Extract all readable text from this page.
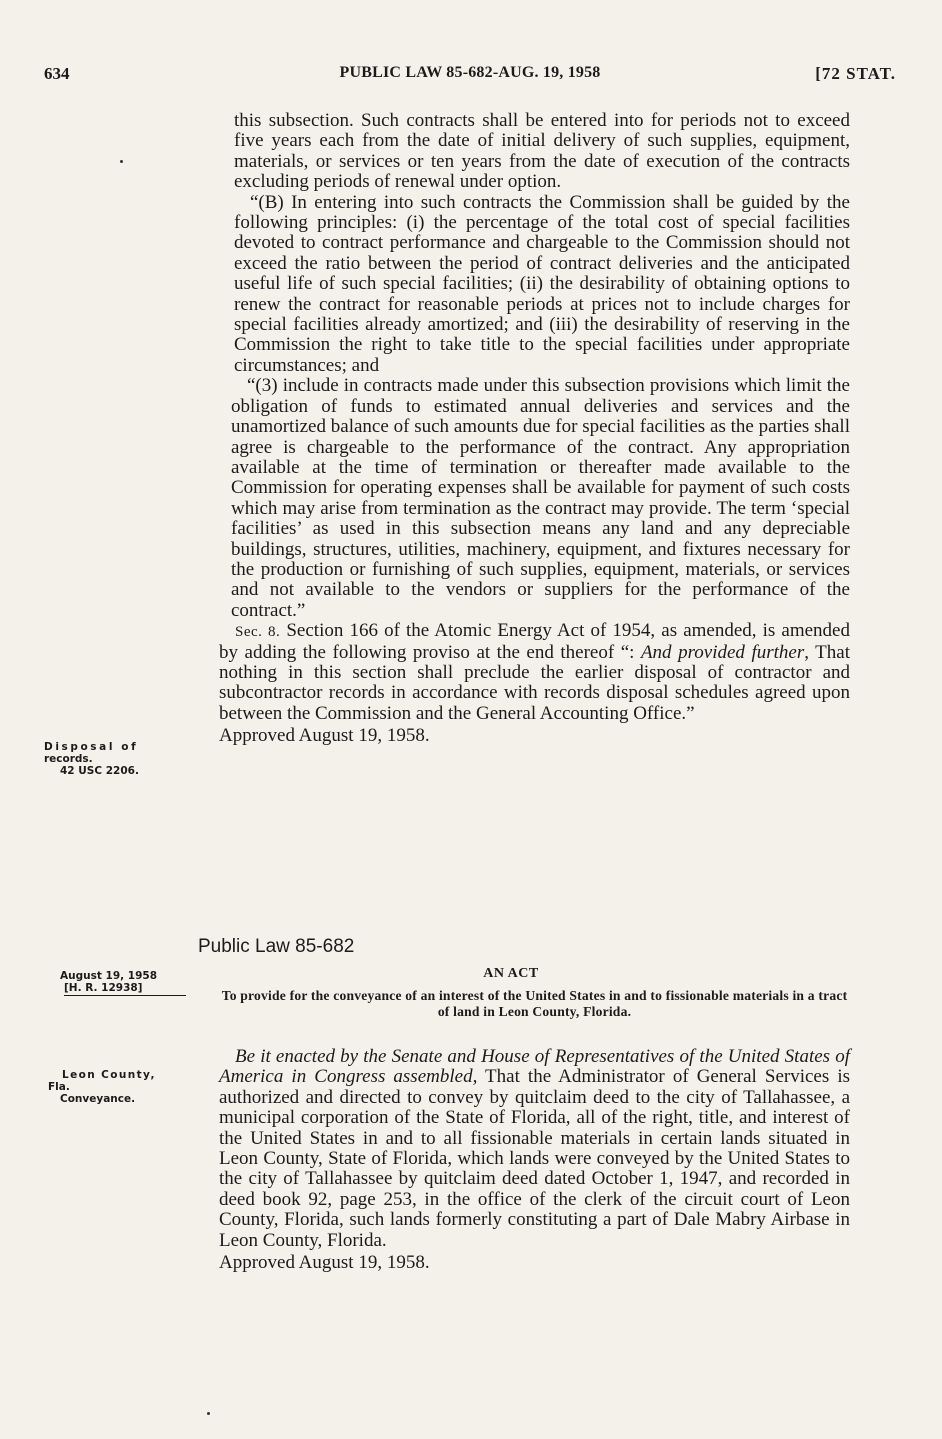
634	PUBLIC LAW 85-682-AUG. 19, 1958	[72 STAT.

this subsection. Such contracts shall be entered into for periods not to exceed five years each from the date of initial delivery of such supplies, equipment, materials, or services or ten years from the date of execution of the contracts excluding periods of renewal under option.

“(B) In entering into such contracts the Commission shall be guided by the following principles: (i) the percentage of the total cost of special facilities devoted to contract performance and chargeable to the Commission should not exceed the ratio between the period of contract deliveries and the anticipated useful life of such special facilities; (ii) the desirability of obtaining options to renew the contract for reasonable periods at prices not to include charges for special facilities already amortized; and (iii) the desirability of reserving in the Commission the right to take title to the special facilities under appropriate circumstances; and

“(3) include in contracts made under this subsection provisions which limit the obligation of funds to estimated annual deliveries and services and the unamortized balance of such amounts due for special facilities as the parties shall agree is chargeable to the performance of the contract. Any appropriation available at the time of termination or thereafter made available to the Commission for operating expenses shall be available for payment of such costs which may arise from termination as the contract may provide. The term ‘special facilities’ as used in this subsection means any land and any depreciable buildings, structures, utilities, machinery, equipment, and fixtures necessary for the production or furnishing of such supplies, equipment, materials, or services and not available to the vendors or suppliers for the performance of the contract.”

Sec. 8. Section 166 of the Atomic Energy Act of 1954, as amended, is amended by adding the following proviso at the end thereof “: And provided further, That nothing in this section shall preclude the earlier disposal of contractor and subcontractor records in accordance with records disposal schedules agreed upon between the Commission and the General Accounting Office.”

Approved August 19, 1958.

Disposal of
records.
42 USC 2206.
Public Law 85-682
August 19, 1958
[H. R. 12938]
AN ACT
To provide for the conveyance of an interest of the United States in and to fissionable materials in a tract of land in Leon County, Florida.
Leon County,
Fla.
Conveyance.

Be it enacted by the Senate and House of Representatives of the United States of America in Congress assembled, That the Administrator of General Services is authorized and directed to convey by quitclaim deed to the city of Tallahassee, a municipal corporation of the State of Florida, all of the right, title, and interest of the United States in and to all fissionable materials in certain lands situated in Leon County, State of Florida, which lands were conveyed by the United States to the city of Tallahassee by quitclaim deed dated October 1, 1947, and recorded in deed book 92, page 253, in the office of the clerk of the circuit court of Leon County, Florida, such lands formerly constituting a part of Dale Mabry Airbase in Leon County, Florida.

Approved August 19, 1958.
